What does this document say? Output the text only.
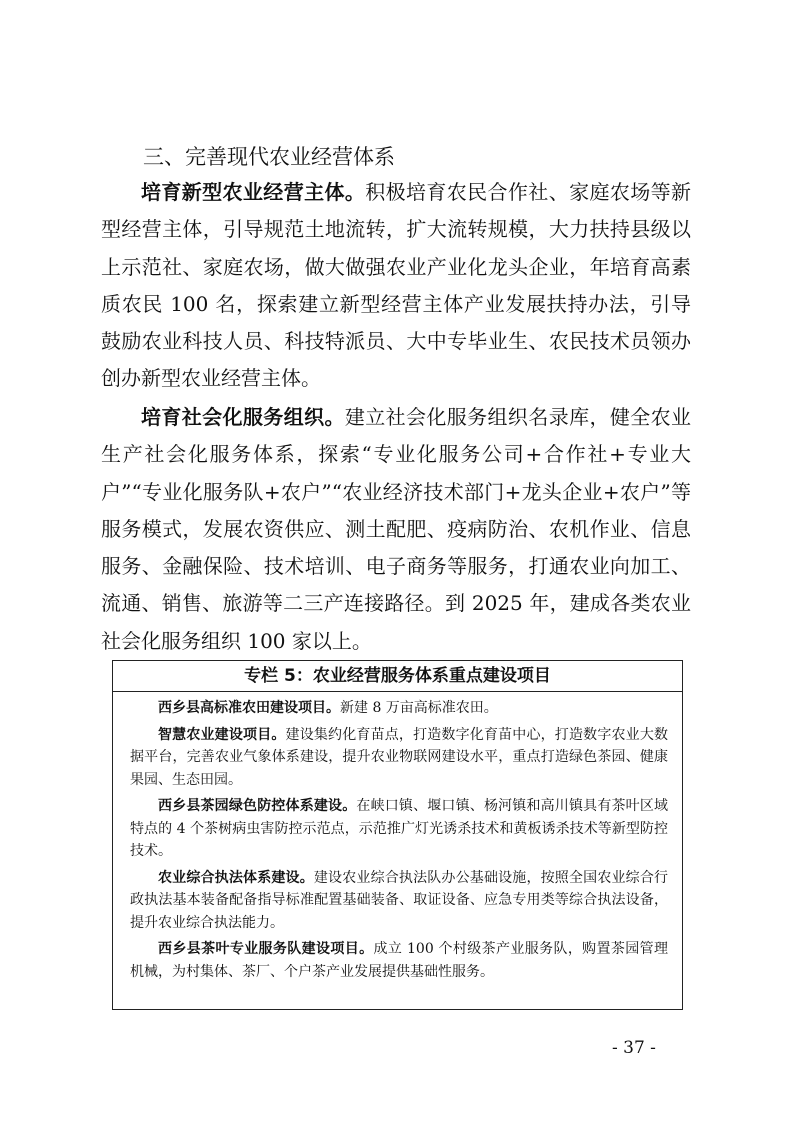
三、完善现代农业经营体系

培育新型农业经营主体。积极培育农民合作社、家庭农场等新型经营主体，引导规范土地流转，扩大流转规模，大力扶持县级以上示范社、家庭农场，做大做强农业产业化龙头企业，年培育高素质农民 100 名，探索建立新型经营主体产业发展扶持办法，引导鼓励农业科技人员、科技特派员、大中专毕业生、农民技术员领办创办新型农业经营主体。

培育社会化服务组织。建立社会化服务组织名录库，健全农业生产社会化服务体系，探索“专业化服务公司+合作社+专业大户”“专业化服务队+农户”“农业经济技术部门+龙头企业+农户”等服务模式，发展农资供应、测土配肥、疫病防治、农机作业、信息服务、金融保险、技术培训、电子商务等服务，打通农业向加工、流通、销售、旅游等二三产连接路径。到 2025 年，建成各类农业社会化服务组织 100 家以上。

专栏 5：农业经营服务体系重点建设项目

西乡县高标准农田建设项目。新建 8 万亩高标准农田。

智慧农业建设项目。建设集约化育苗点，打造数字化育苗中心，打造数字农业大数据平台，完善农业气象体系建设，提升农业物联网建设水平，重点打造绿色茶园、健康果园、生态田园。

西乡县茶园绿色防控体系建设。在峡口镇、堰口镇、杨河镇和高川镇具有茶叶区域特点的 4 个茶树病虫害防控示范点，示范推广灯光诱杀技术和黄板诱杀技术等新型防控技术。

农业综合执法体系建设。建设农业综合执法队办公基础设施，按照全国农业综合行政执法基本装备配备指导标准配置基础装备、取证设备、应急专用类等综合执法设备，提升农业综合执法能力。

西乡县茶叶专业服务队建设项目。成立 100 个村级茶产业服务队，购置茶园管理机械，为村集体、茶厂、个户茶产业发展提供基础性服务。

- 37 -
